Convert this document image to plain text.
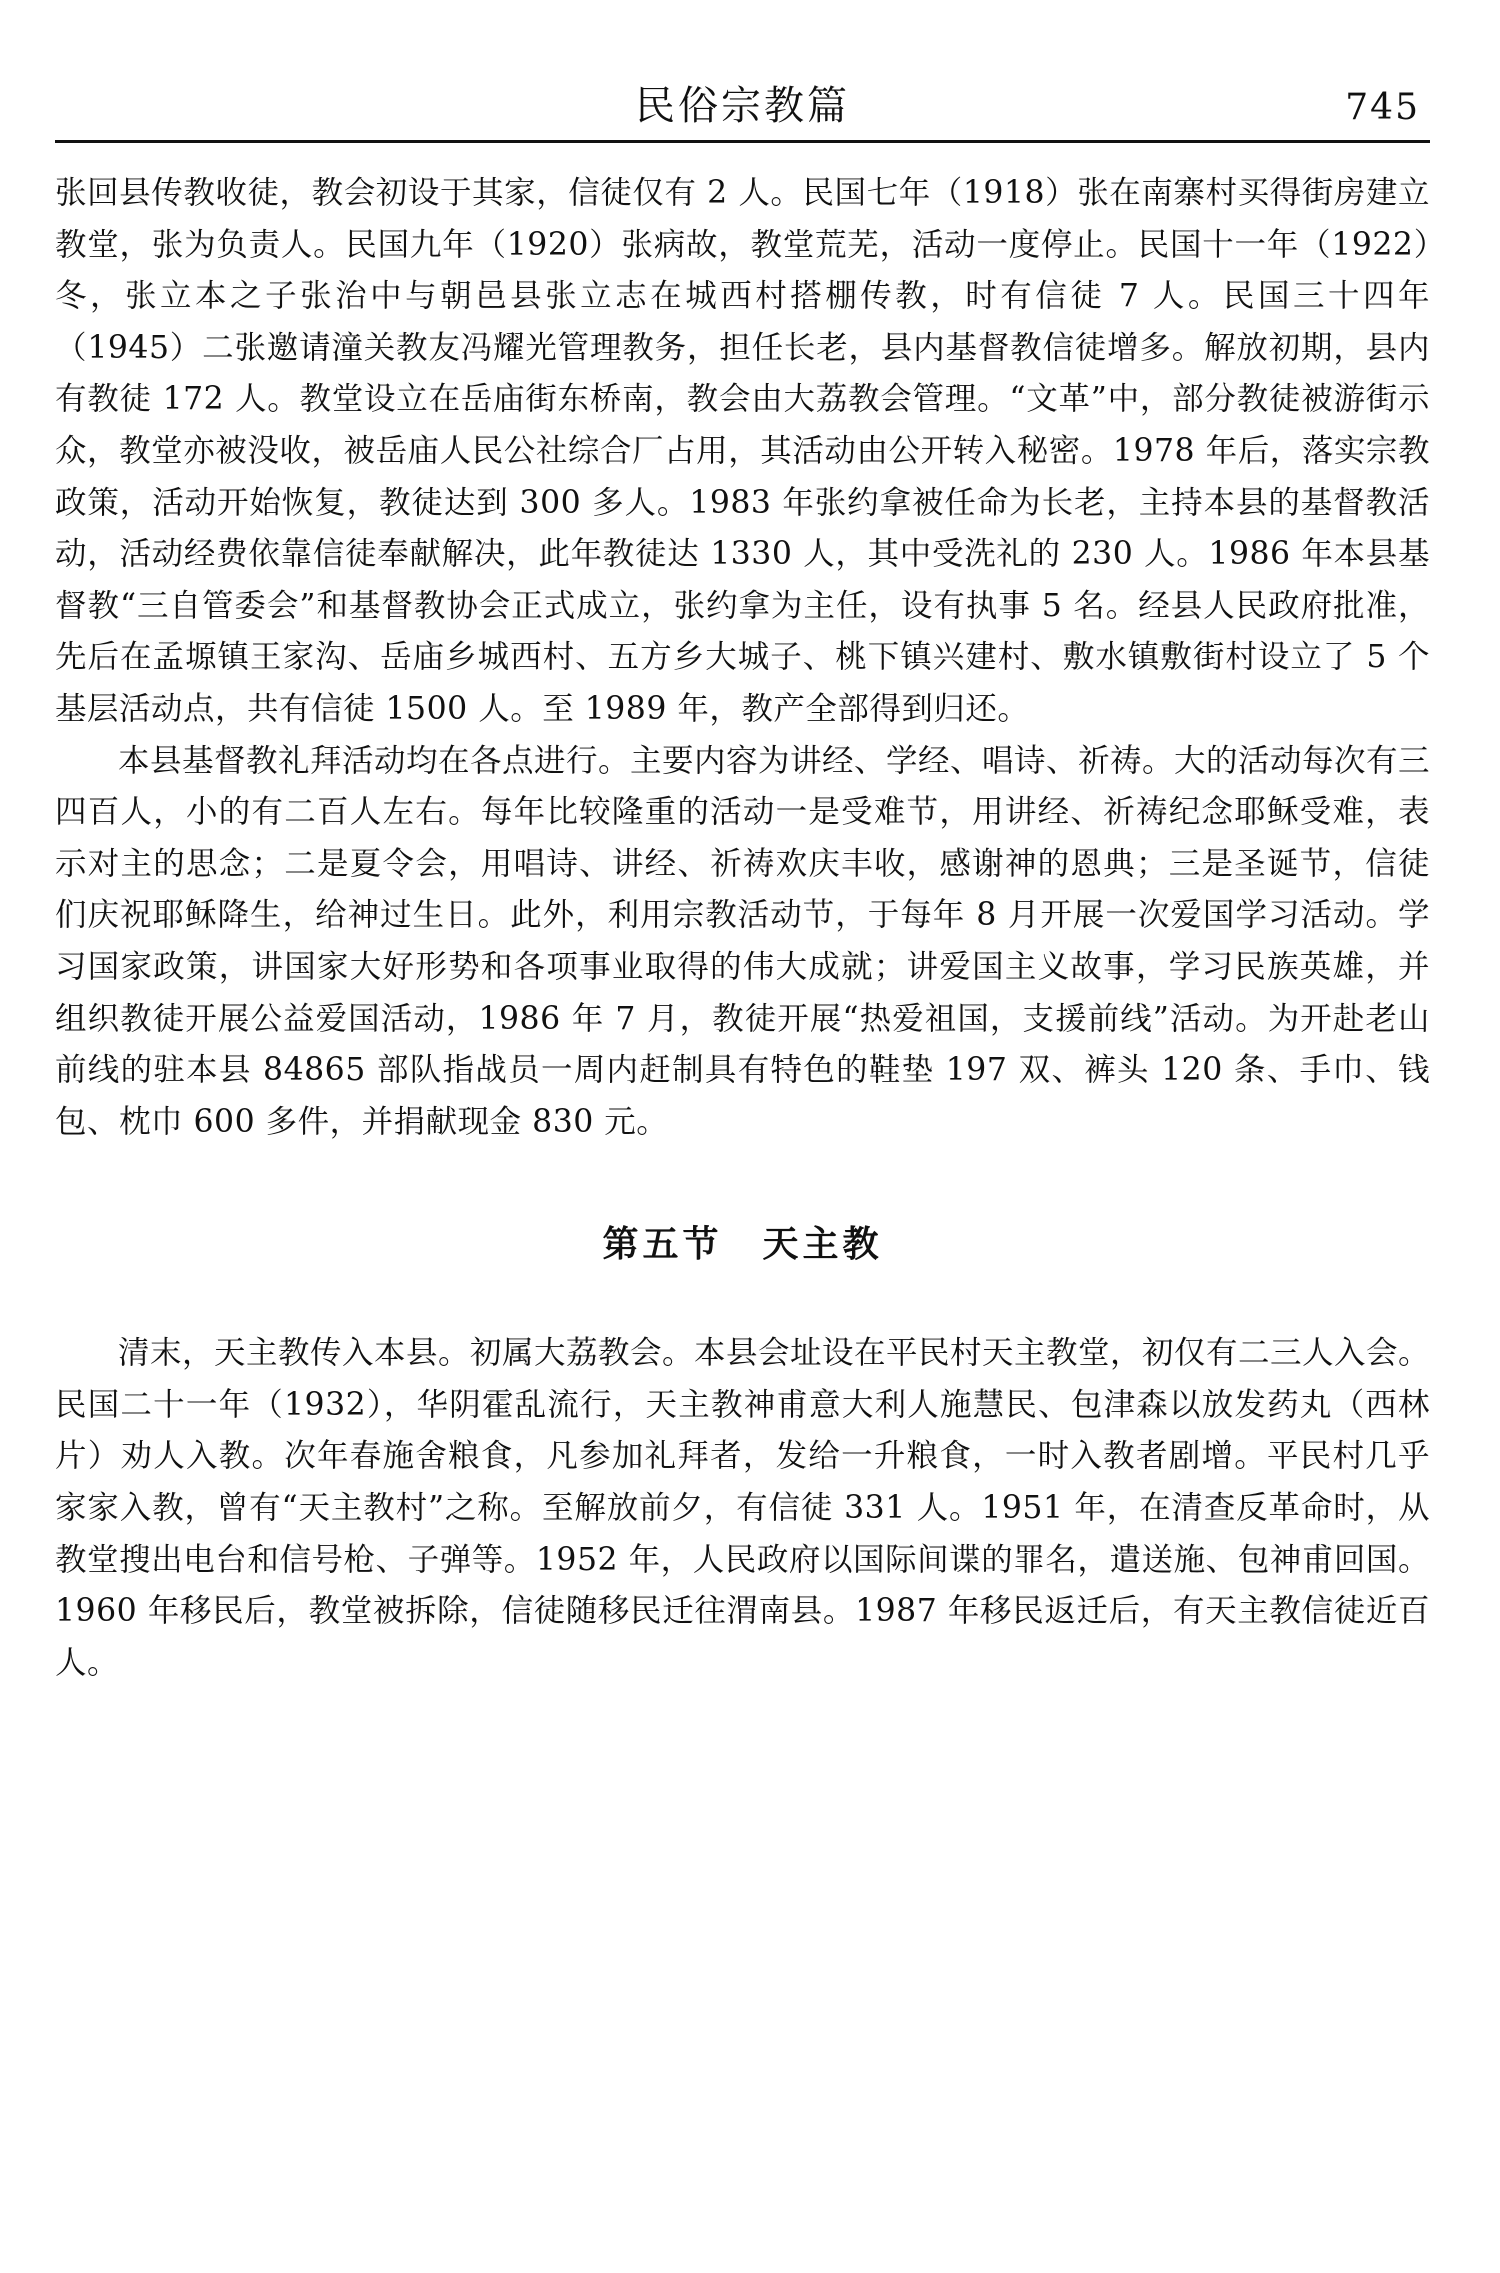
民俗宗教篇	745

张回县传教收徒，教会初设于其家，信徒仅有 2 人。民国七年（1918）张在南寨村买得街房建立教堂，张为负责人。民国九年（1920）张病故，教堂荒芜，活动一度停止。民国十一年（1922）冬，张立本之子张治中与朝邑县张立志在城西村搭棚传教，时有信徒 7 人。民国三十四年（1945）二张邀请潼关教友冯耀光管理教务，担任长老，县内基督教信徒增多。解放初期，县内有教徒 172 人。教堂设立在岳庙街东桥南，教会由大荔教会管理。“文革”中，部分教徒被游街示众，教堂亦被没收，被岳庙人民公社综合厂占用，其活动由公开转入秘密。1978 年后，落实宗教政策，活动开始恢复，教徒达到 300 多人。1983 年张约拿被任命为长老，主持本县的基督教活动，活动经费依靠信徒奉献解决，此年教徒达 1330 人，其中受洗礼的 230 人。1986 年本县基督教“三自管委会”和基督教协会正式成立，张约拿为主任，设有执事 5 名。经县人民政府批准，先后在孟塬镇王家沟、岳庙乡城西村、五方乡大城子、桃下镇兴建村、敷水镇敷街村设立了 5 个基层活动点，共有信徒 1500 人。至 1989 年，教产全部得到归还。

本县基督教礼拜活动均在各点进行。主要内容为讲经、学经、唱诗、祈祷。大的活动每次有三四百人，小的有二百人左右。每年比较隆重的活动一是受难节，用讲经、祈祷纪念耶稣受难，表示对主的思念；二是夏令会，用唱诗、讲经、祈祷欢庆丰收，感谢神的恩典；三是圣诞节，信徒们庆祝耶稣降生，给神过生日。此外，利用宗教活动节，于每年 8 月开展一次爱国学习活动。学习国家政策，讲国家大好形势和各项事业取得的伟大成就；讲爱国主义故事，学习民族英雄，并组织教徒开展公益爱国活动，1986 年 7 月，教徒开展“热爱祖国，支援前线”活动。为开赴老山前线的驻本县 84865 部队指战员一周内赶制具有特色的鞋垫 197 双、裤头 120 条、手巾、钱包、枕巾 600 多件，并捐献现金 830 元。

第五节 天主教

清末，天主教传入本县。初属大荔教会。本县会址设在平民村天主教堂，初仅有二三人入会。民国二十一年（1932），华阴霍乱流行，天主教神甫意大利人施慧民、包津森以放发药丸（西林片）劝人入教。次年春施舍粮食，凡参加礼拜者，发给一升粮食，一时入教者剧增。平民村几乎家家入教，曾有“天主教村”之称。至解放前夕，有信徒 331 人。1951 年，在清查反革命时，从教堂搜出电台和信号枪、子弹等。1952 年，人民政府以国际间谍的罪名，遣送施、包神甫回国。1960 年移民后，教堂被拆除，信徒随移民迁往渭南县。1987 年移民返迁后，有天主教信徒近百人。
